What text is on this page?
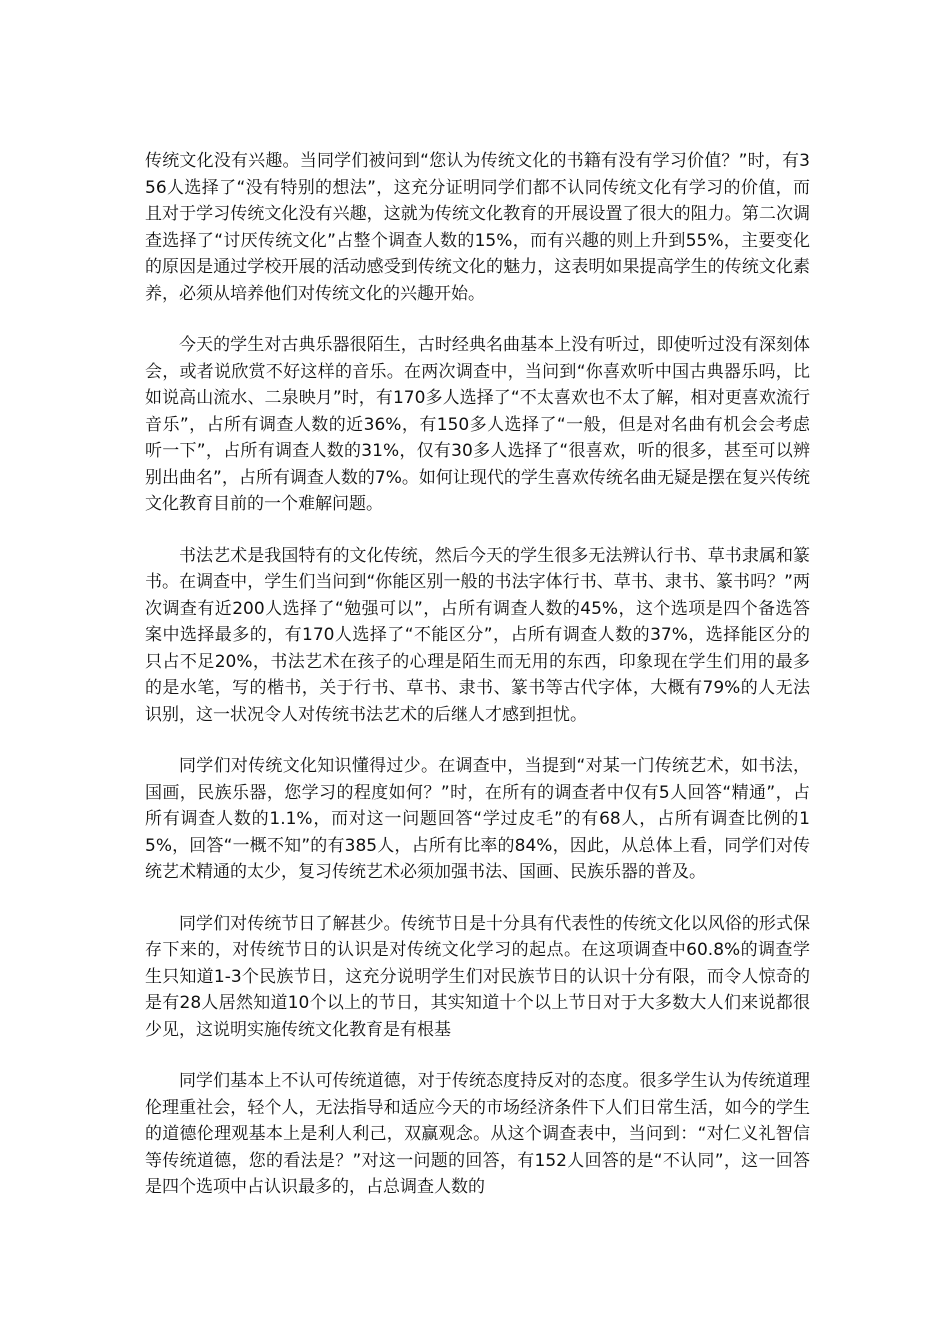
传统文化没有兴趣。当同学们被问到“您认为传统文化的书籍有没有学习价值？”时，有356人选择了“没有特别的想法”，这充分证明同学们都不认同传统文化有学习的价值，而且对于学习传统文化没有兴趣，这就为传统文化教育的开展设置了很大的阻力。第二次调查选择了“讨厌传统文化”占整个调查人数的15%，而有兴趣的则上升到55%，主要变化的原因是通过学校开展的活动感受到传统文化的魅力，这表明如果提高学生的传统文化素养，必须从培养他们对传统文化的兴趣开始。

今天的学生对古典乐器很陌生，古时经典名曲基本上没有听过，即使听过没有深刻体会，或者说欣赏不好这样的音乐。在两次调查中，当问到“你喜欢听中国古典器乐吗，比如说高山流水、二泉映月”时，有170多人选择了“不太喜欢也不太了解，相对更喜欢流行音乐”，占所有调查人数的近36%，有150多人选择了“一般，但是对名曲有机会会考虑听一下”，占所有调查人数的31%，仅有30多人选择了“很喜欢，听的很多，甚至可以辨别出曲名”，占所有调查人数的7%。如何让现代的学生喜欢传统名曲无疑是摆在复兴传统文化教育目前的一个难解问题。

书法艺术是我国特有的文化传统，然后今天的学生很多无法辨认行书、草书隶属和篆书。在调查中，学生们当问到“你能区别一般的书法字体行书、草书、隶书、篆书吗？”两次调查有近200人选择了“勉强可以”，占所有调查人数的45%，这个选项是四个备选答案中选择最多的，有170人选择了“不能区分”，占所有调查人数的37%，选择能区分的只占不足20%，书法艺术在孩子的心理是陌生而无用的东西，印象现在学生们用的最多的是水笔，写的楷书，关于行书、草书、隶书、篆书等古代字体，大概有79%的人无法识别，这一状况令人对传统书法艺术的后继人才感到担忧。

同学们对传统文化知识懂得过少。在调查中，当提到“对某一门传统艺术，如书法，国画，民族乐器，您学习的程度如何？”时，在所有的调查者中仅有5人回答“精通”，占所有调查人数的1.1%，而对这一问题回答“学过皮毛”的有68人，占所有调查比例的15%，回答“一概不知”的有385人，占所有比率的84%，因此，从总体上看，同学们对传统艺术精通的太少，复习传统艺术必须加强书法、国画、民族乐器的普及。

同学们对传统节日了解甚少。传统节日是十分具有代表性的传统文化以风俗的形式保存下来的，对传统节日的认识是对传统文化学习的起点。在这项调查中60.8%的调查学生只知道1-3个民族节日，这充分说明学生们对民族节日的认识十分有限，而令人惊奇的是有28人居然知道10个以上的节日，其实知道十个以上节日对于大多数大人们来说都很少见，这说明实施传统文化教育是有根基

同学们基本上不认可传统道德，对于传统态度持反对的态度。很多学生认为传统道理伦理重社会，轻个人，无法指导和适应今天的市场经济条件下人们日常生活，如今的学生的道德伦理观基本上是利人利己，双赢观念。从这个调查表中，当问到：“对仁义礼智信等传统道德，您的看法是？”对这一问题的回答，有152人回答的是“不认同”，这一回答是四个选项中占认识最多的，占总调查人数的
